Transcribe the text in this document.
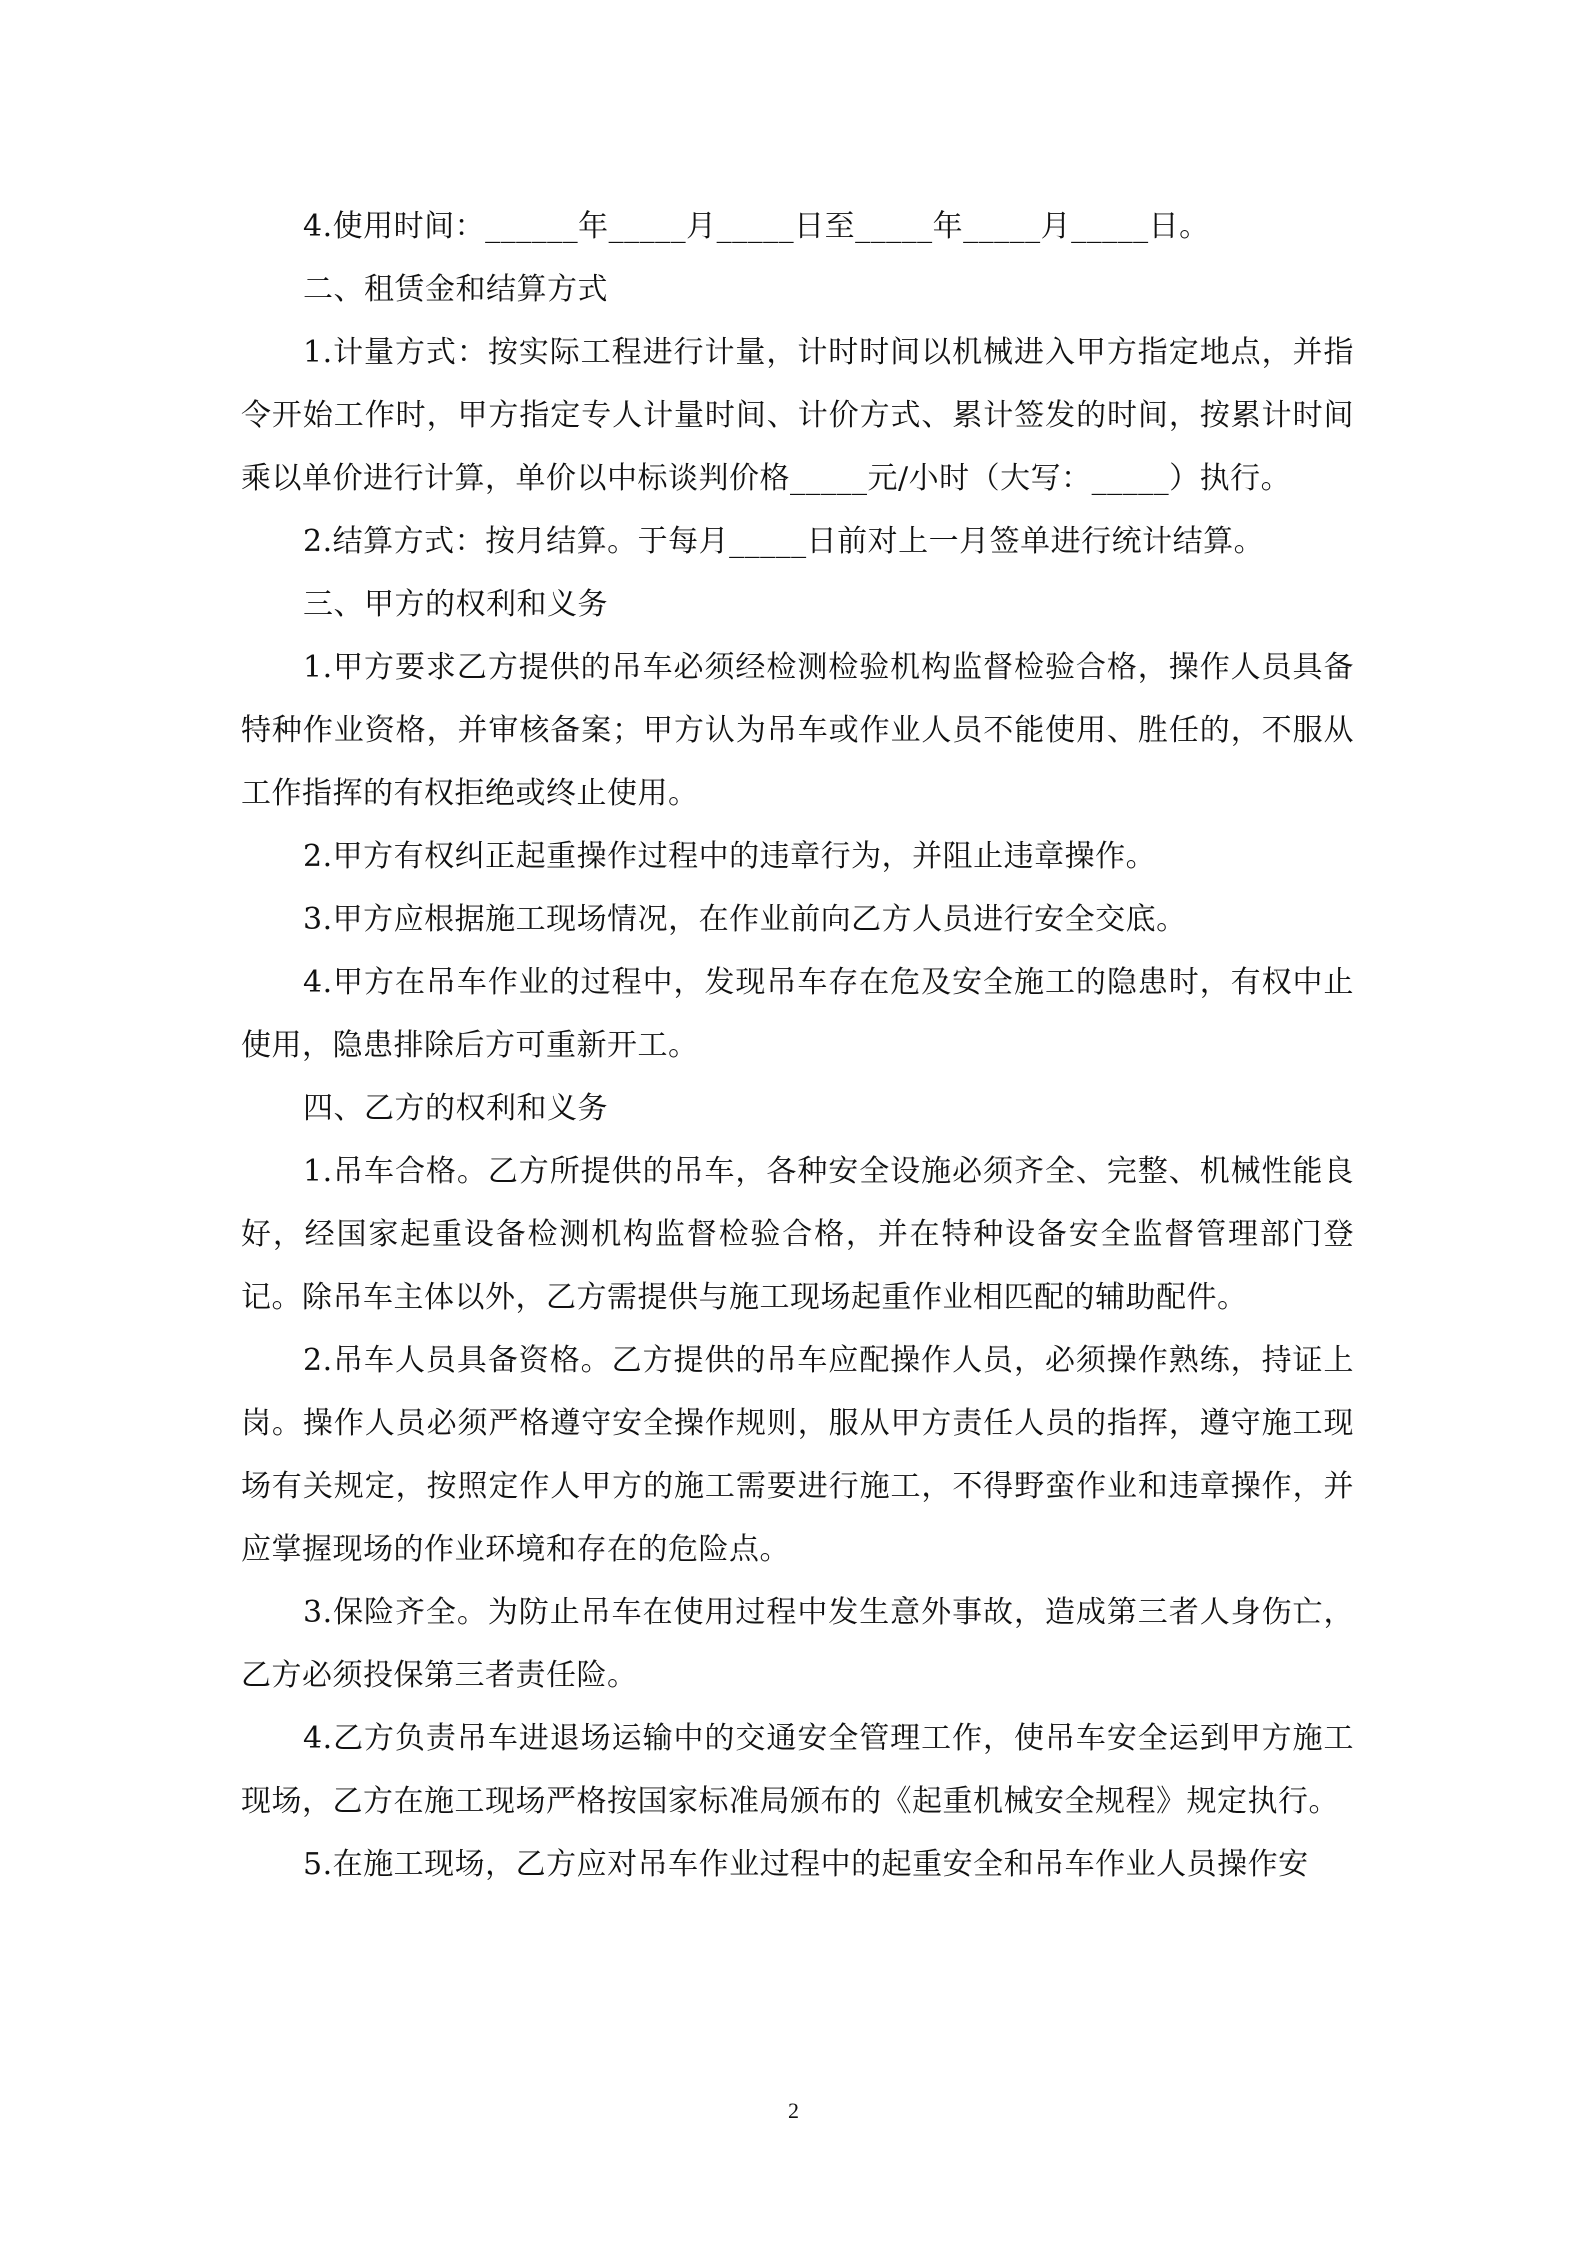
4.使用时间：______年_____月_____日至_____年_____月_____日。

二、租赁金和结算方式

1.计量方式：按实际工程进行计量，计时时间以机械进入甲方指定地点，并指令开始工作时，甲方指定专人计量时间、计价方式、累计签发的时间，按累计时间乘以单价进行计算，单价以中标谈判价格_____元/小时（大写：_____）执行。

2.结算方式：按月结算。于每月_____日前对上一月签单进行统计结算。

三、甲方的权利和义务

1.甲方要求乙方提供的吊车必须经检测检验机构监督检验合格，操作人员具备特种作业资格，并审核备案；甲方认为吊车或作业人员不能使用、胜任的，不服从工作指挥的有权拒绝或终止使用。

2.甲方有权纠正起重操作过程中的违章行为，并阻止违章操作。

3.甲方应根据施工现场情况，在作业前向乙方人员进行安全交底。

4.甲方在吊车作业的过程中，发现吊车存在危及安全施工的隐患时，有权中止使用，隐患排除后方可重新开工。

四、乙方的权利和义务

1.吊车合格。乙方所提供的吊车，各种安全设施必须齐全、完整、机械性能良好，经国家起重设备检测机构监督检验合格，并在特种设备安全监督管理部门登记。除吊车主体以外，乙方需提供与施工现场起重作业相匹配的辅助配件。

2.吊车人员具备资格。乙方提供的吊车应配操作人员，必须操作熟练，持证上岗。操作人员必须严格遵守安全操作规则，服从甲方责任人员的指挥，遵守施工现场有关规定，按照定作人甲方的施工需要进行施工，不得野蛮作业和违章操作，并应掌握现场的作业环境和存在的危险点。

3.保险齐全。为防止吊车在使用过程中发生意外事故，造成第三者人身伤亡，乙方必须投保第三者责任险。

4.乙方负责吊车进退场运输中的交通安全管理工作，使吊车安全运到甲方施工现场，乙方在施工现场严格按国家标准局颁布的《起重机械安全规程》规定执行。

5.在施工现场，乙方应对吊车作业过程中的起重安全和吊车作业人员操作安

2
